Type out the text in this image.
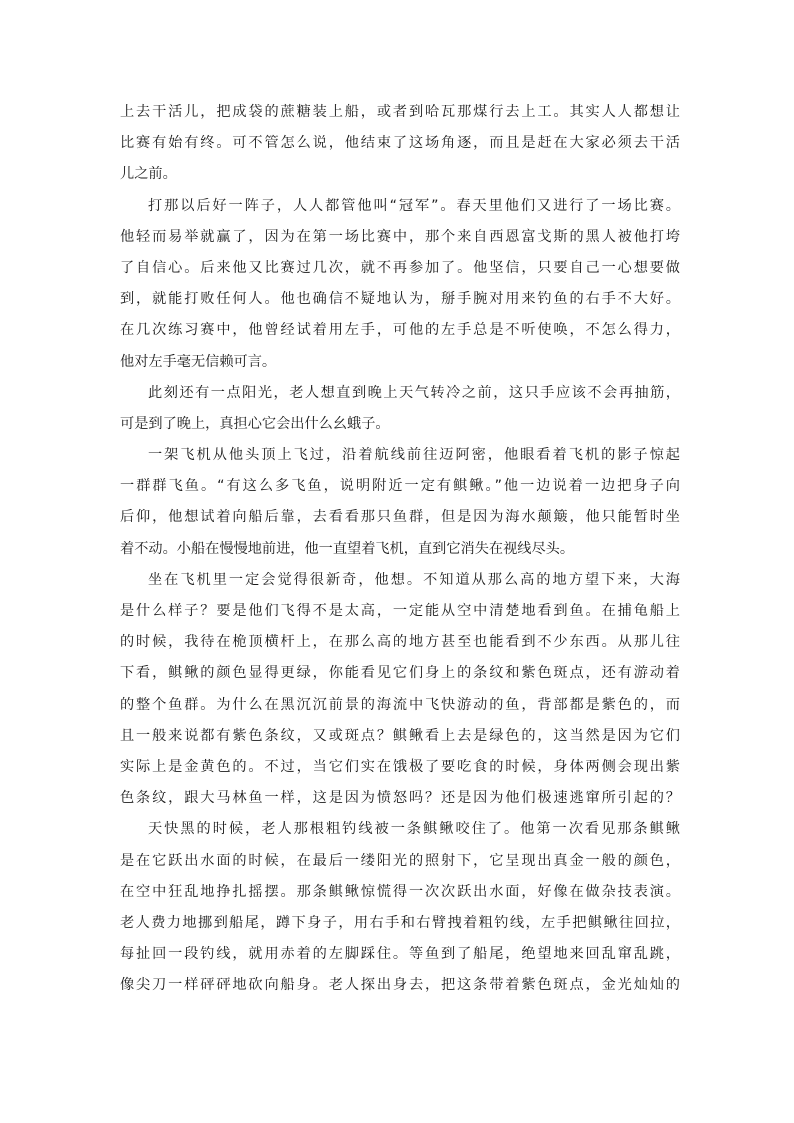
上去干活儿，把成袋的蔗糖装上船，或者到哈瓦那煤行去上工。其实人人都想让
比赛有始有终。可不管怎么说，他结束了这场角逐，而且是赶在大家必须去干活
儿之前。
打那以后好一阵子，人人都管他叫“冠军”。春天里他们又进行了一场比赛。
他轻而易举就赢了，因为在第一场比赛中，那个来自西恩富戈斯的黑人被他打垮
了自信心。后来他又比赛过几次，就不再参加了。他坚信，只要自己一心想要做
到，就能打败任何人。他也确信不疑地认为，掰手腕对用来钓鱼的右手不大好。
在几次练习赛中，他曾经试着用左手，可他的左手总是不听使唤，不怎么得力，
他对左手毫无信赖可言。
此刻还有一点阳光，老人想直到晚上天气转冷之前，这只手应该不会再抽筋，
可是到了晚上，真担心它会出什么幺蛾子。
一架飞机从他头顶上飞过，沿着航线前往迈阿密，他眼看着飞机的影子惊起
一群群飞鱼。“有这么多飞鱼，说明附近一定有鲯鳅。”他一边说着一边把身子向
后仰，他想试着向船后靠，去看看那只鱼群，但是因为海水颠簸，他只能暂时坐
着不动。小船在慢慢地前进，他一直望着飞机，直到它消失在视线尽头。
坐在飞机里一定会觉得很新奇，他想。不知道从那么高的地方望下来，大海
是什么样子？要是他们飞得不是太高，一定能从空中清楚地看到鱼。在捕龟船上
的时候，我待在桅顶横杆上，在那么高的地方甚至也能看到不少东西。从那儿往
下看，鲯鳅的颜色显得更绿，你能看见它们身上的条纹和紫色斑点，还有游动着
的整个鱼群。为什么在黑沉沉前景的海流中飞快游动的鱼，背部都是紫色的，而
且一般来说都有紫色条纹，又或斑点？鲯鳅看上去是绿色的，这当然是因为它们
实际上是金黄色的。不过，当它们实在饿极了要吃食的时候，身体两侧会现出紫
色条纹，跟大马林鱼一样，这是因为愤怒吗？还是因为他们极速逃窜所引起的？
天快黑的时候，老人那根粗钓线被一条鲯鳅咬住了。他第一次看见那条鲯鳅
是在它跃出水面的时候，在最后一缕阳光的照射下，它呈现出真金一般的颜色，
在空中狂乱地挣扎摇摆。那条鲯鳅惊慌得一次次跃出水面，好像在做杂技表演。
老人费力地挪到船尾，蹲下身子，用右手和右臂拽着粗钓线，左手把鲯鳅往回拉，
每扯回一段钓线，就用赤着的左脚踩住。等鱼到了船尾，绝望地来回乱窜乱跳，
像尖刀一样砰砰地砍向船身。老人探出身去，把这条带着紫色斑点，金光灿灿的
